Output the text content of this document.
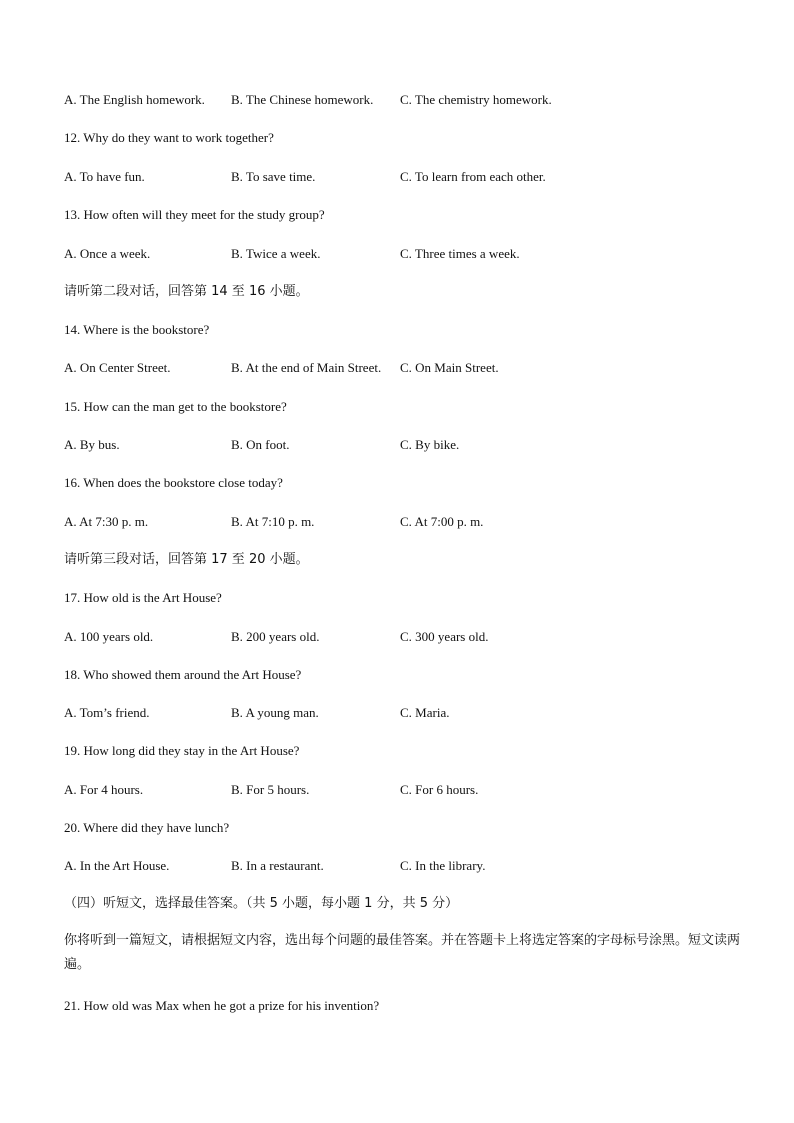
A. The English homework. B. The Chinese homework. C. The chemistry homework.
12. Why do they want to work together?
A. To have fun.	B. To save time.	C. To learn from each other.
13. How often will they meet for the study group?
A. Once a week.	B. Twice a week.	C. Three times a week.
请听第二段对话，回答第 14 至 16 小题。
14. Where is the bookstore?
A. On Center Street.	B. At the end of Main Street. C. On Main Street.
15. How can the man get to the bookstore?
A. By bus.	B. On foot.	C. By bike.
16. When does the bookstore close today?
A. At 7:30 p. m.	B. At 7:10 p. m.	C. At 7:00 p. m.
请听第三段对话，回答第 17 至 20 小题。
17. How old is the Art House?
A. 100 years old.	B. 200 years old.	C. 300 years old.
18. Who showed them around the Art House?
A. Tom’s friend.	B. A young man.	C. Maria.
19. How long did they stay in the Art House?
A. For 4 hours.	B. For 5 hours.	C. For 6 hours.
20. Where did they have lunch?
A. In the Art House.	B. In a restaurant.	C. In the library.
（四）听短文，选择最佳答案。（共 5 小题，每小题 1 分，共 5 分）
你将听到一篇短文，请根据短文内容，选出每个问题的最佳答案。并在答题卡上将选定答案的字母标号涂黑。短文读两遍。
21. How old was Max when he got a prize for his invention?
